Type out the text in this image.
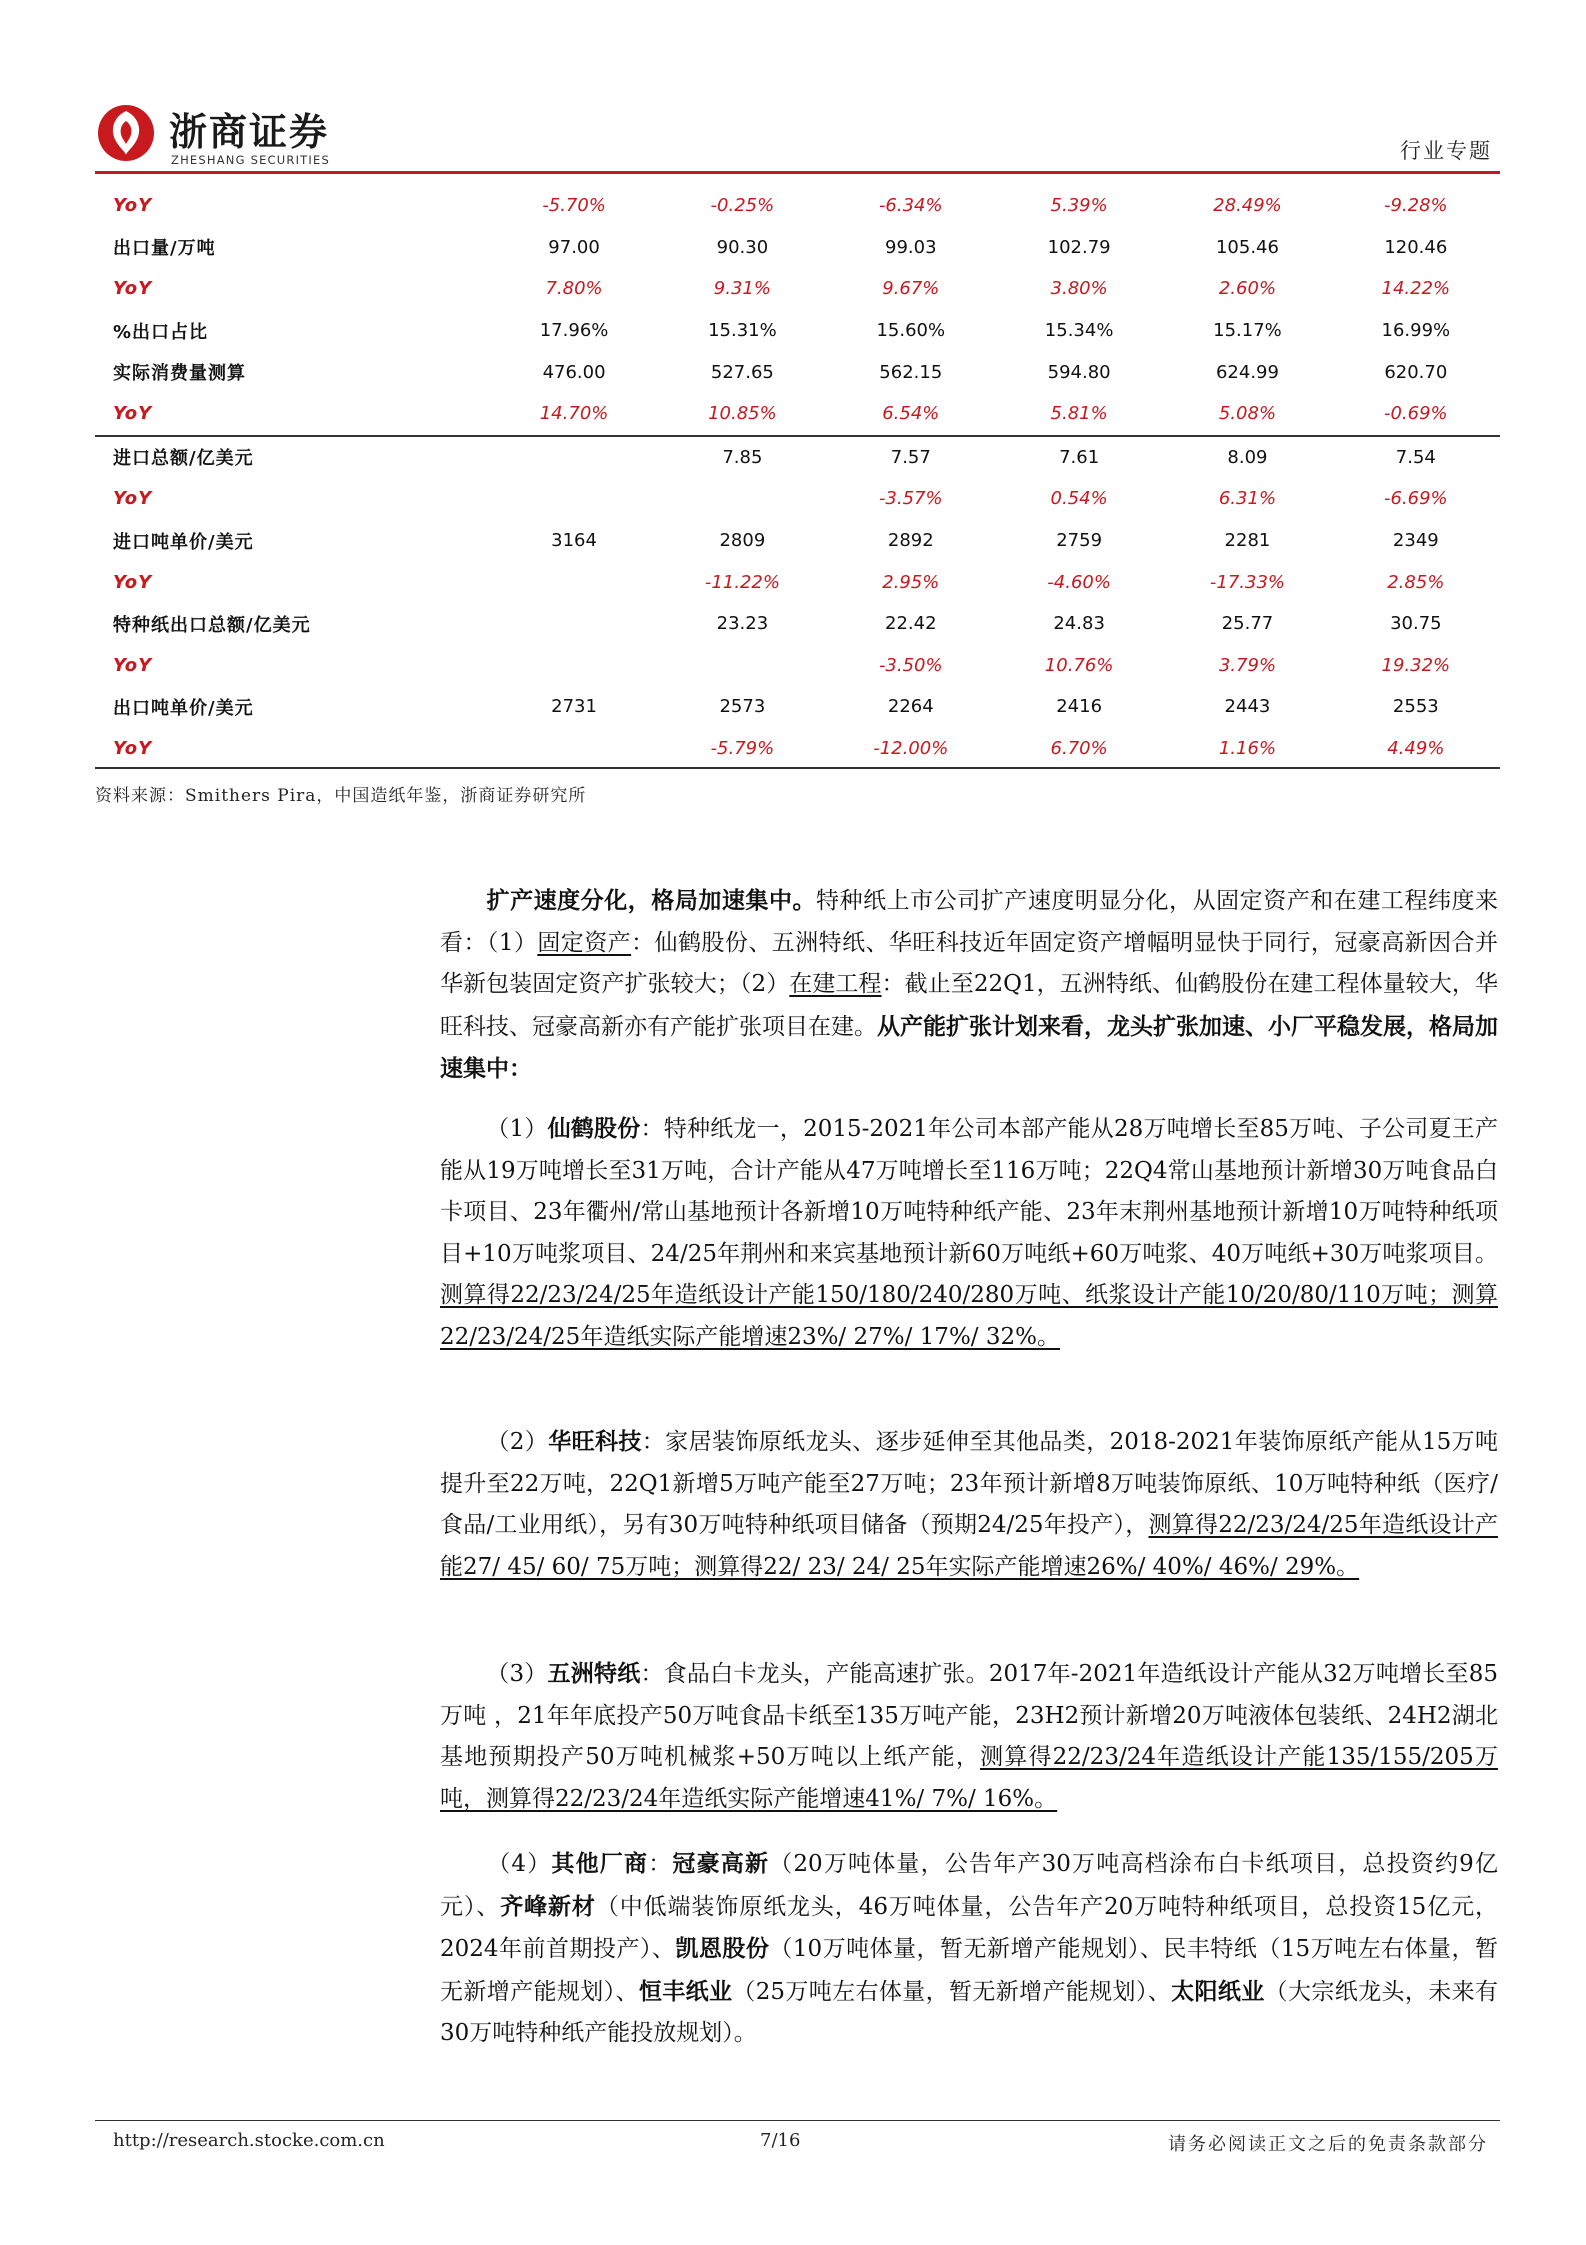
浙商证券
ZHESHANG SECURITIES	行业专题
YoY	-5.70%	-0.25%	-6.34%	5.39%	28.49%	-9.28%
出口量/万吨	97.00	90.30	99.03	102.79	105.46	120.46
YoY	7.80%	9.31%	9.67%	3.80%	2.60%	14.22%
%出口占比	17.96%	15.31%	15.60%	15.34%	15.17%	16.99%
实际消费量测算	476.00	527.65	562.15	594.80	624.99	620.70
YoY	14.70%	10.85%	6.54%	5.81%	5.08%	-0.69%
进口总额/亿美元		7.85	7.57	7.61	8.09	7.54
YoY			-3.57%	0.54%	6.31%	-6.69%
进口吨单价/美元	3164	2809	2892	2759	2281	2349
YoY		-11.22%	2.95%	-4.60%	-17.33%	2.85%
特种纸出口总额/亿美元		23.23	22.42	24.83	25.77	30.75
YoY			-3.50%	10.76%	3.79%	19.32%
出口吨单价/美元	2731	2573	2264	2416	2443	2553
YoY		-5.79%	-12.00%	6.70%	1.16%	4.49%
资料来源：Smithers Pira，中国造纸年鉴，浙商证券研究所

扩产速度分化，格局加速集中。特种纸上市公司扩产速度明显分化，从固定资产和在建工程纬度来看：（1）固定资产：仙鹤股份、五洲特纸、华旺科技近年固定资产增幅明显快于同行，冠豪高新因合并华新包装固定资产扩张较大；（2）在建工程：截止至22Q1，五洲特纸、仙鹤股份在建工程体量较大，华旺科技、冠豪高新亦有产能扩张项目在建。从产能扩张计划来看，龙头扩张加速、小厂平稳发展，格局加速集中：

（1）仙鹤股份：特种纸龙一，2015-2021年公司本部产能从28万吨增长至85万吨、子公司夏王产能从19万吨增长至31万吨，合计产能从47万吨增长至116万吨；22Q4常山基地预计新增30万吨食品白卡项目、23年衢州/常山基地预计各新增10万吨特种纸产能、23年末荆州基地预计新增10万吨特种纸项目+10万吨浆项目、24/25年荆州和来宾基地预计新60万吨纸+60万吨浆、40万吨纸+30万吨浆项目。测算得22/23/24/25年造纸设计产能150/180/240/280万吨、纸浆设计产能10/20/80/110万吨；测算22/23/24/25年造纸实际产能增速23%/ 27%/ 17%/ 32%。

（2）华旺科技：家居装饰原纸龙头、逐步延伸至其他品类，2018-2021年装饰原纸产能从15万吨提升至22万吨，22Q1新增5万吨产能至27万吨；23年预计新增8万吨装饰原纸、10万吨特种纸（医疗/食品/工业用纸），另有30万吨特种纸项目储备（预期24/25年投产），测算得22/23/24/25年造纸设计产能27/ 45/ 60/ 75万吨；测算得22/ 23/ 24/ 25年实际产能增速26%/ 40%/ 46%/ 29%。

（3）五洲特纸：食品白卡龙头，产能高速扩张。2017年-2021年造纸设计产能从32万吨增长至85万吨 ，21年年底投产50万吨食品卡纸至135万吨产能，23H2预计新增20万吨液体包装纸、24H2湖北基地预期投产50万吨机械浆+50万吨以上纸产能，测算得22/23/24年造纸设计产能135/155/205万吨，测算得22/23/24年造纸实际产能增速41%/ 7%/ 16%。

（4）其他厂商：冠豪高新（20万吨体量，公告年产30万吨高档涂布白卡纸项目，总投资约9亿元）、齐峰新材（中低端装饰原纸龙头，46万吨体量，公告年产20万吨特种纸项目，总投资15亿元，2024年前首期投产）、凯恩股份（10万吨体量，暂无新增产能规划）、民丰特纸（15万吨左右体量，暂无新增产能规划）、恒丰纸业（25万吨左右体量，暂无新增产能规划）、太阳纸业（大宗纸龙头，未来有30万吨特种纸产能投放规划）。

http://research.stocke.com.cn	7/16	请务必阅读正文之后的免责条款部分
